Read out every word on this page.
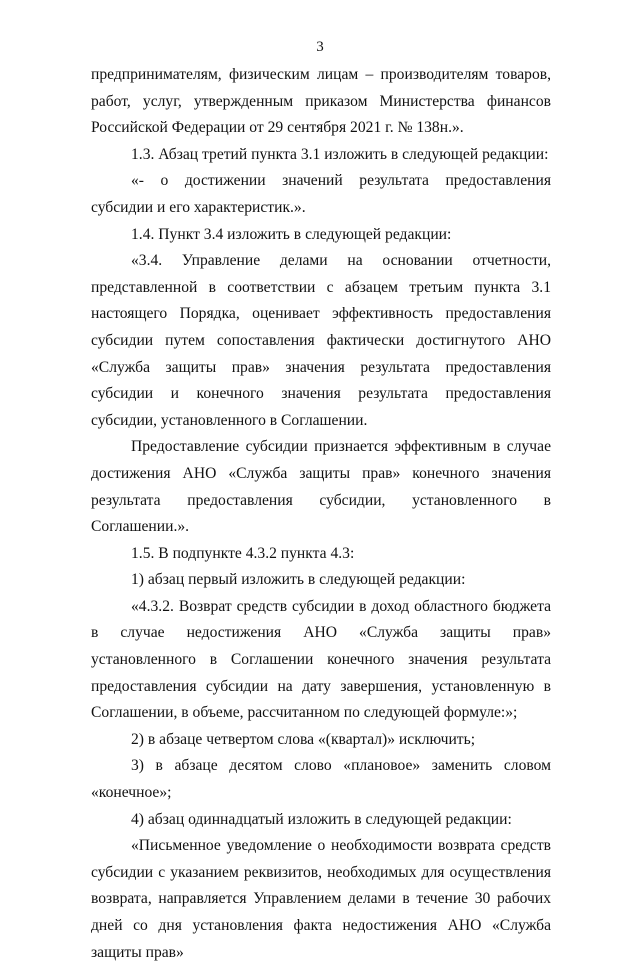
3

предпринимателям, физическим лицам – производителям товаров, работ, услуг, утвержденным приказом Министерства финансов Российской Федерации от 29 сентября 2021 г. № 138н.».

1.3. Абзац третий пункта 3.1 изложить в следующей редакции:

«- о достижении значений результата предоставления субсидии и его характеристик.».

1.4. Пункт 3.4 изложить в следующей редакции:

«3.4. Управление делами на основании отчетности, представленной в соответствии с абзацем третьим пункта 3.1 настоящего Порядка, оценивает эффективность предоставления субсидии путем сопоставления фактически достигнутого АНО «Служба защиты прав» значения результата предоставления субсидии и конечного значения результата предоставления субсидии, установленного в Соглашении.

Предоставление субсидии признается эффективным в случае достижения АНО «Служба защиты прав» конечного значения результата предоставления субсидии, установленного в Соглашении.».

1.5. В подпункте 4.3.2 пункта 4.3:

1) абзац первый изложить в следующей редакции:

«4.3.2. Возврат средств субсидии в доход областного бюджета в случае недостижения АНО «Служба защиты прав» установленного в Соглашении конечного значения результата предоставления субсидии на дату завершения, установленную в Соглашении, в объеме, рассчитанном по следующей формуле:»;

2) в абзаце четвертом слова «(квартал)» исключить;

3) в абзаце десятом слово «плановое» заменить словом «конечное»;

4) абзац одиннадцатый изложить в следующей редакции:

«Письменное уведомление о необходимости возврата средств субсидии с указанием реквизитов, необходимых для осуществления возврата, направляется Управлением делами в течение 30 рабочих дней со дня установления факта недостижения АНО «Служба защиты прав»
